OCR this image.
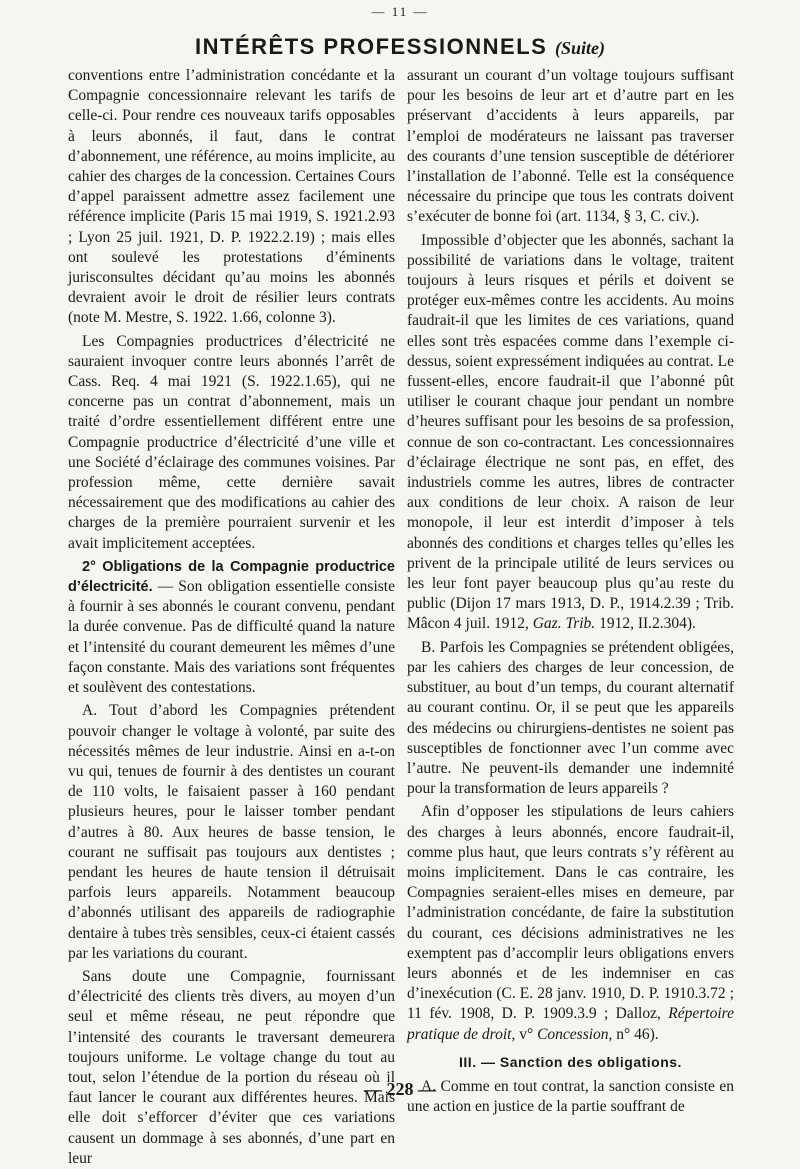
— 11 —
INTÉRÊTS PROFESSIONNELS (Suite)

conventions entre l’administration concédante et la Compagnie concessionnaire relevant les tarifs de celle-ci. Pour rendre ces nouveaux tarifs opposables à leurs abonnés, il faut, dans le contrat d’abonnement, une référence, au moins implicite, au cahier des charges de la concession. Certaines Cours d’appel paraissent admettre assez facilement une référence implicite (Paris 15 mai 1919, S. 1921.2.93 ; Lyon 25 juil. 1921, D. P. 1922.2.19) ; mais elles ont soulevé les protestations d’éminents jurisconsultes décidant qu’au moins les abonnés devraient avoir le droit de résilier leurs contrats (note M. Mestre, S. 1922. 1.66, colonne 3).

Les Compagnies productrices d’électricité ne sauraient invoquer contre leurs abonnés l’arrêt de Cass. Req. 4 mai 1921 (S. 1922.1.65), qui ne concerne pas un contrat d’abonnement, mais un traité d’ordre essentiellement différent entre une Compagnie productrice d’électricité d’une ville et une Société d’éclairage des communes voisines. Par profession même, cette dernière savait nécessairement que des modifications au cahier des charges de la première pourraient survenir et les avait implicitement acceptées.

2° Obligations de la Compagnie productrice d’électricité. — Son obligation essentielle consiste à fournir à ses abonnés le courant convenu, pendant la durée convenue. Pas de difficulté quand la nature et l’intensité du courant demeurent les mêmes d’une façon constante. Mais des variations sont fréquentes et soulèvent des contestations.

A. Tout d’abord les Compagnies prétendent pouvoir changer le voltage à volonté, par suite des nécessités mêmes de leur industrie. Ainsi en a-t-on vu qui, tenues de fournir à des dentistes un courant de 110 volts, le faisaient passer à 160 pendant plusieurs heures, pour le laisser tomber pendant d’autres à 80. Aux heures de basse tension, le courant ne suffisait pas toujours aux dentistes ; pendant les heures de haute tension il détruisait parfois leurs appareils. Notamment beaucoup d’abonnés utilisant des appareils de radiographie dentaire à tubes très sensibles, ceux-ci étaient cassés par les variations du courant.

Sans doute une Compagnie, fournissant d’électricité des clients très divers, au moyen d’un seul et même réseau, ne peut répondre que l’intensité des courants le traversant demeurera toujours uniforme. Le voltage change du tout au tout, selon l’étendue de la portion du réseau où il faut lancer le courant aux différentes heures. Mais elle doit s’efforcer d’éviter que ces variations causent un dommage à ses abonnés, d’une part en leur

assurant un courant d’un voltage toujours suffisant pour les besoins de leur art et d’autre part en les préservant d’accidents à leurs appareils, par l’emploi de modérateurs ne laissant pas traverser des courants d’une tension susceptible de détériorer l’installation de l’abonné. Telle est la conséquence nécessaire du principe que tous les contrats doivent s’exécuter de bonne foi (art. 1134, § 3, C. civ.).

Impossible d’objecter que les abonnés, sachant la possibilité de variations dans le voltage, traitent toujours à leurs risques et périls et doivent se protéger eux-mêmes contre les accidents. Au moins faudrait-il que les limites de ces variations, quand elles sont très espacées comme dans l’exemple ci-dessus, soient expressément indiquées au contrat. Le fussent-elles, encore faudrait-il que l’abonné pût utiliser le courant chaque jour pendant un nombre d’heures suffisant pour les besoins de sa profession, connue de son co-contractant. Les concessionnaires d’éclairage électrique ne sont pas, en effet, des industriels comme les autres, libres de contracter aux conditions de leur choix. A raison de leur monopole, il leur est interdit d’imposer à tels abonnés des conditions et charges telles qu’elles les privent de la principale utilité de leurs services ou les leur font payer beaucoup plus qu’au reste du public (Dijon 17 mars 1913, D. P., 1914.2.39 ; Trib. Mâcon 4 juil. 1912, Gaz. Trib. 1912, II.2.304).

B. Parfois les Compagnies se prétendent obligées, par les cahiers des charges de leur concession, de substituer, au bout d’un temps, du courant alternatif au courant continu. Or, il se peut que les appareils des médecins ou chirurgiens-dentistes ne soient pas susceptibles de fonctionner avec l’un comme avec l’autre. Ne peuvent-ils demander une indemnité pour la transformation de leurs appareils ?

Afin d’opposer les stipulations de leurs cahiers des charges à leurs abonnés, encore faudrait-il, comme plus haut, que leurs contrats s’y réfèrent au moins implicitement. Dans le cas contraire, les Compagnies seraient-elles mises en demeure, par l’administration concédante, de faire la substitution du courant, ces décisions administratives ne les exemptent pas d’accomplir leurs obligations envers leurs abonnés et de les indemniser en cas d’inexécution (C. E. 28 janv. 1910, D. P. 1910.3.72 ; 11 fév. 1908, D. P. 1909.3.9 ; Dalloz, Répertoire pratique de droit, v° Concession, n° 46).

III. — Sanction des obligations.

A. Comme en tout contrat, la sanction consiste en une action en justice de la partie souffrant de

— 228 —
